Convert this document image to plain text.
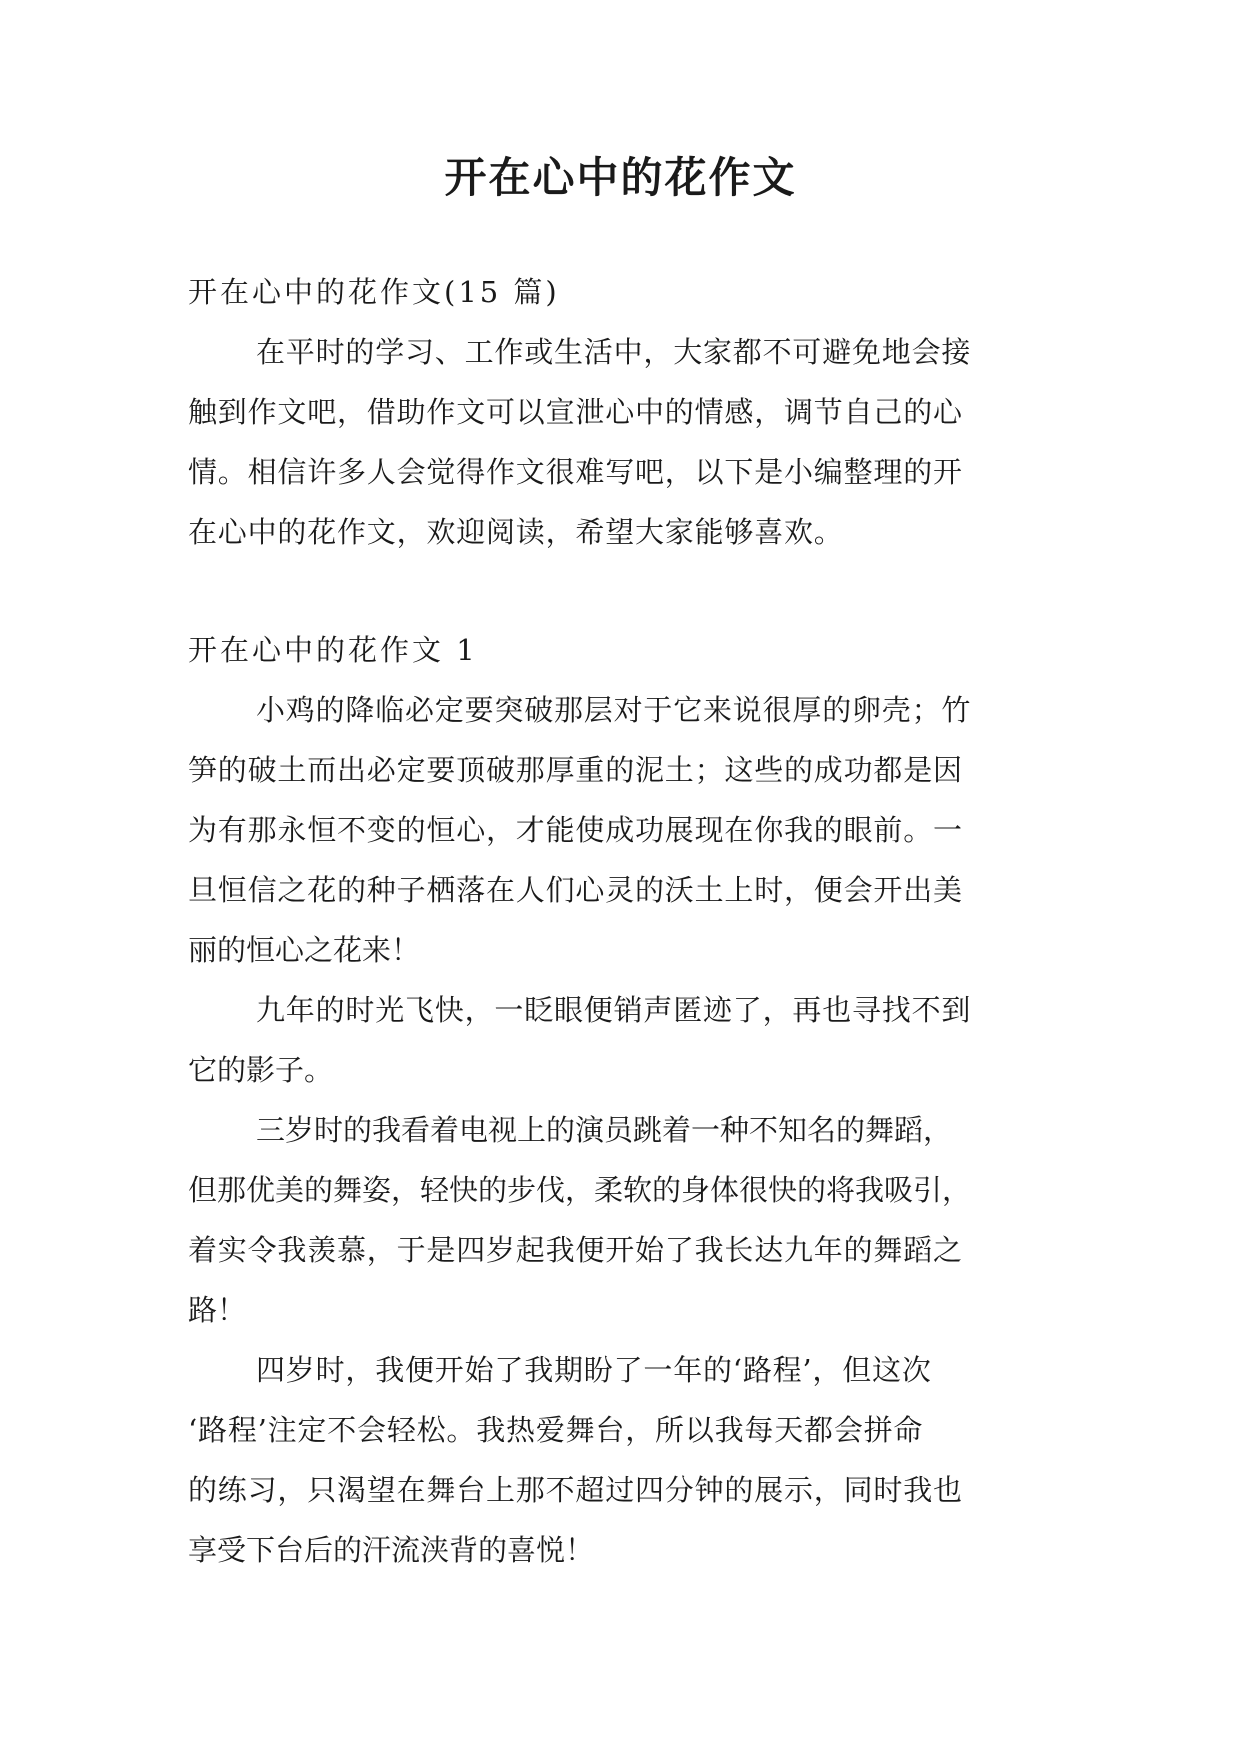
开在心中的花作文
开在心中的花作文(15 篇)
在平时的学习、工作或生活中，大家都不可避免地会接
触到作文吧，借助作文可以宣泄心中的情感，调节自己的心
情。相信许多人会觉得作文很难写吧，以下是小编整理的开
在心中的花作文，欢迎阅读，希望大家能够喜欢。
开在心中的花作文 1
小鸡的降临必定要突破那层对于它来说很厚的卵壳；竹
笋的破土而出必定要顶破那厚重的泥土；这些的成功都是因
为有那永恒不变的恒心，才能使成功展现在你我的眼前。一
旦恒信之花的种子栖落在人们心灵的沃土上时，便会开出美
丽的恒心之花来！
九年的时光飞快，一眨眼便销声匿迹了，再也寻找不到
它的影子。
三岁时的我看着电视上的演员跳着一种不知名的舞蹈，
但那优美的舞姿，轻快的步伐，柔软的身体很快的将我吸引，
着实令我羡慕，于是四岁起我便开始了我长达九年的舞蹈之
路！
四岁时，我便开始了我期盼了一年的‘路程’，但这次
‘路程’注定不会轻松。我热爱舞台，所以我每天都会拼命
的练习，只渴望在舞台上那不超过四分钟的展示，同时我也
享受下台后的汗流浃背的喜悦！
